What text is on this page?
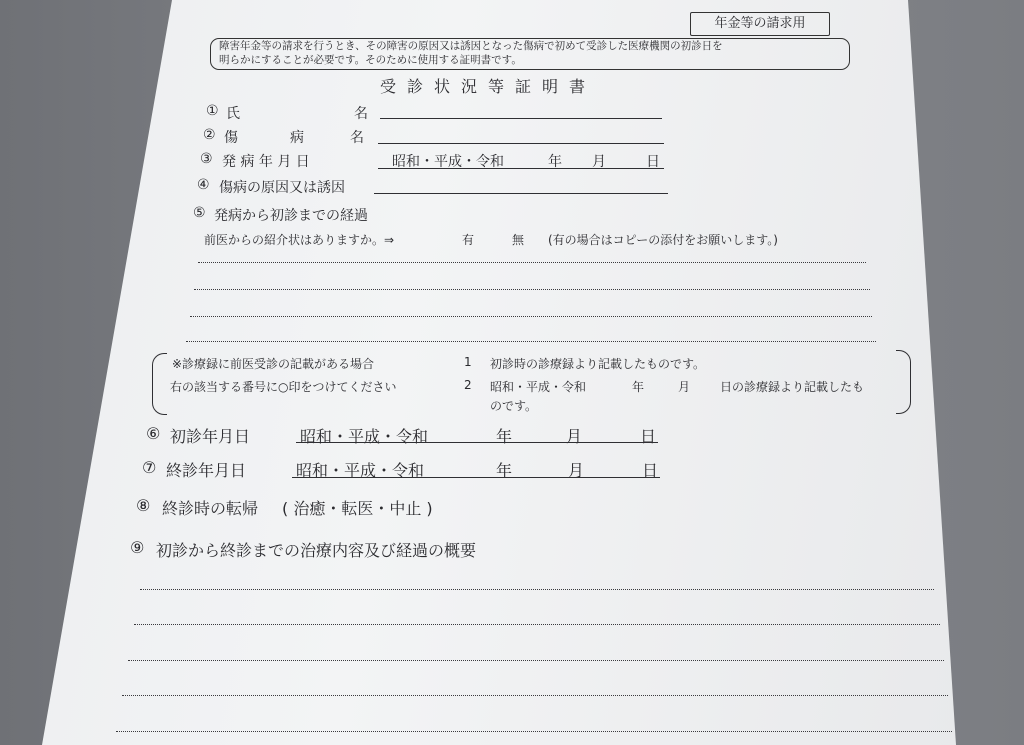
年金等の請求用
障害年金等の請求を行うとき、その障害の原因又は誘因となった傷病で初めて受診した医療機関の初診日を
明らかにすることが必要です。そのために使用する証明書です。
受診状況等証明書
① 氏	名
② 傷	病	名
③ 発 病 年 月 日	昭和・平成・令和	年 月	日
④ 傷病の原因又は誘因
⑤ 発病から初診までの経過
前医からの紹介状はありますか。⇒	有	無 (有の場合はコピーの添付をお願いします。)
※診療録に前医受診の記載がある場合
右の該当する番号に○印をつけてください
1 初診時の診療録より記載したものです。
2 昭和・平成・令和	年	月 日の診療録より記載したも
のです。
⑥ 初診年月日	昭和・平成・令和	年	月	日
⑦ 終診年月日	昭和・平成・令和	年	月	日
⑧ 終診時の転帰 ( 治癒・転医・中止 )
⑨ 初診から終診までの治療内容及び経過の概要
